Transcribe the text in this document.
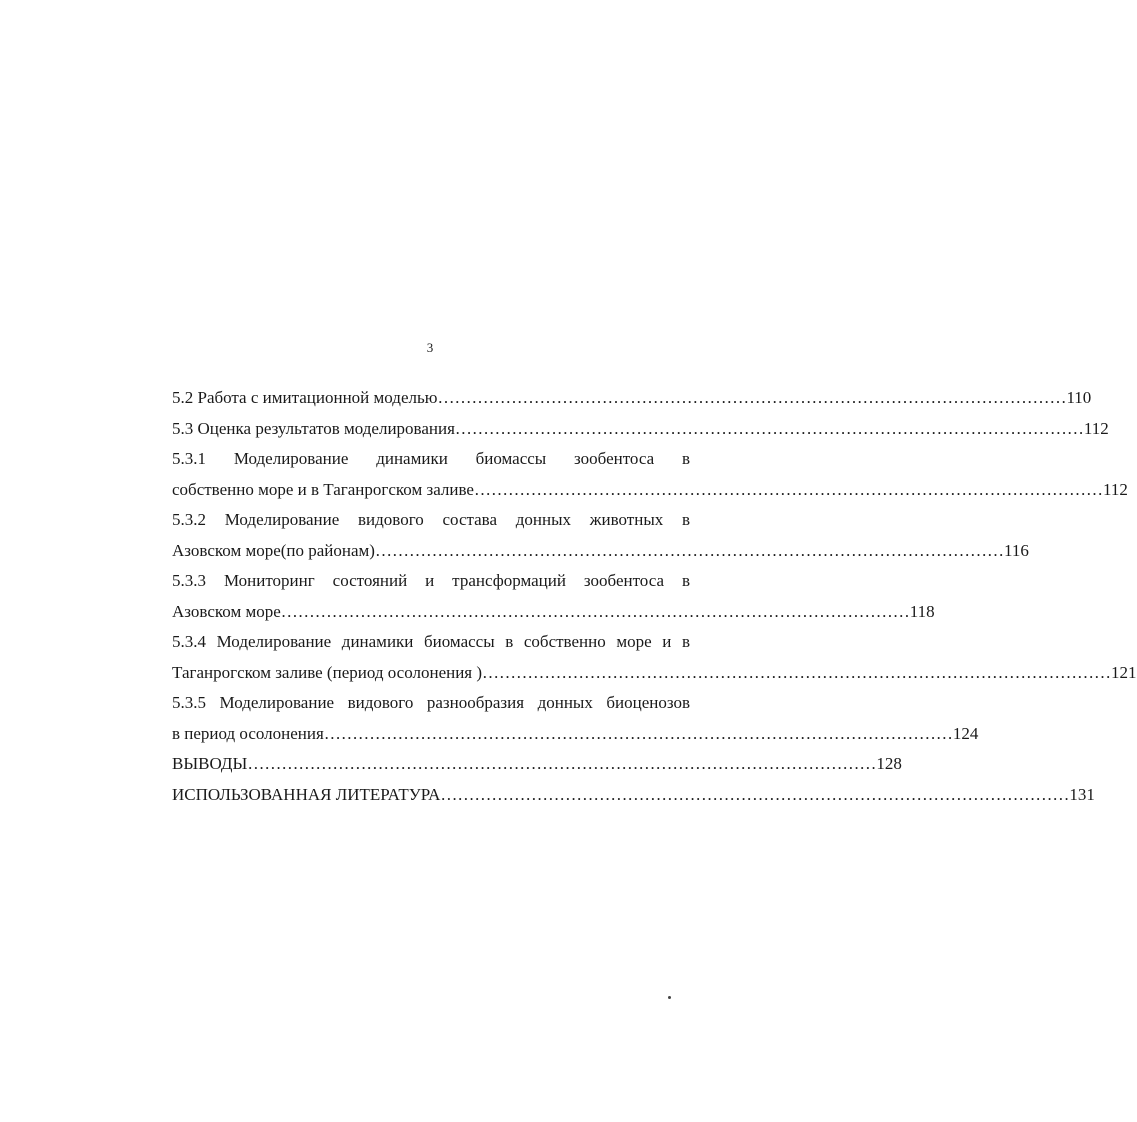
3
5.2 Работа с имитационной моделью ………………………………………………………………………………………………… 110
5.3 Оценка результатов моделирования ………………………………………………………………………………………………… 112
5.3.1 Моделирование динамики биомассы зообентоса в
собственно море и в Таганрогском заливе ………………………………………………………………………………………………… 112
5.3.2 Моделирование видового состава донных животных в
Азовском море(по районам) ………………………………………………………………………………………………… 116
5.3.3 Мониторинг состояний и трансформаций зообентоса в
Азовском море ………………………………………………………………………………………………… 118
5.3.4 Моделирование динамики биомассы в собственно море и в
Таганрогском заливе (период осолонения ) ………………………………………………………………………………………………… 121
5.3.5 Моделирование видового разнообразия донных биоценозов
в период осолонения ………………………………………………………………………………………………… 124
ВЫВОДЫ ………………………………………………………………………………………………… 128
ИСПОЛЬЗОВАННАЯ ЛИТЕРАТУРА ………………………………………………………………………………………………… 131
